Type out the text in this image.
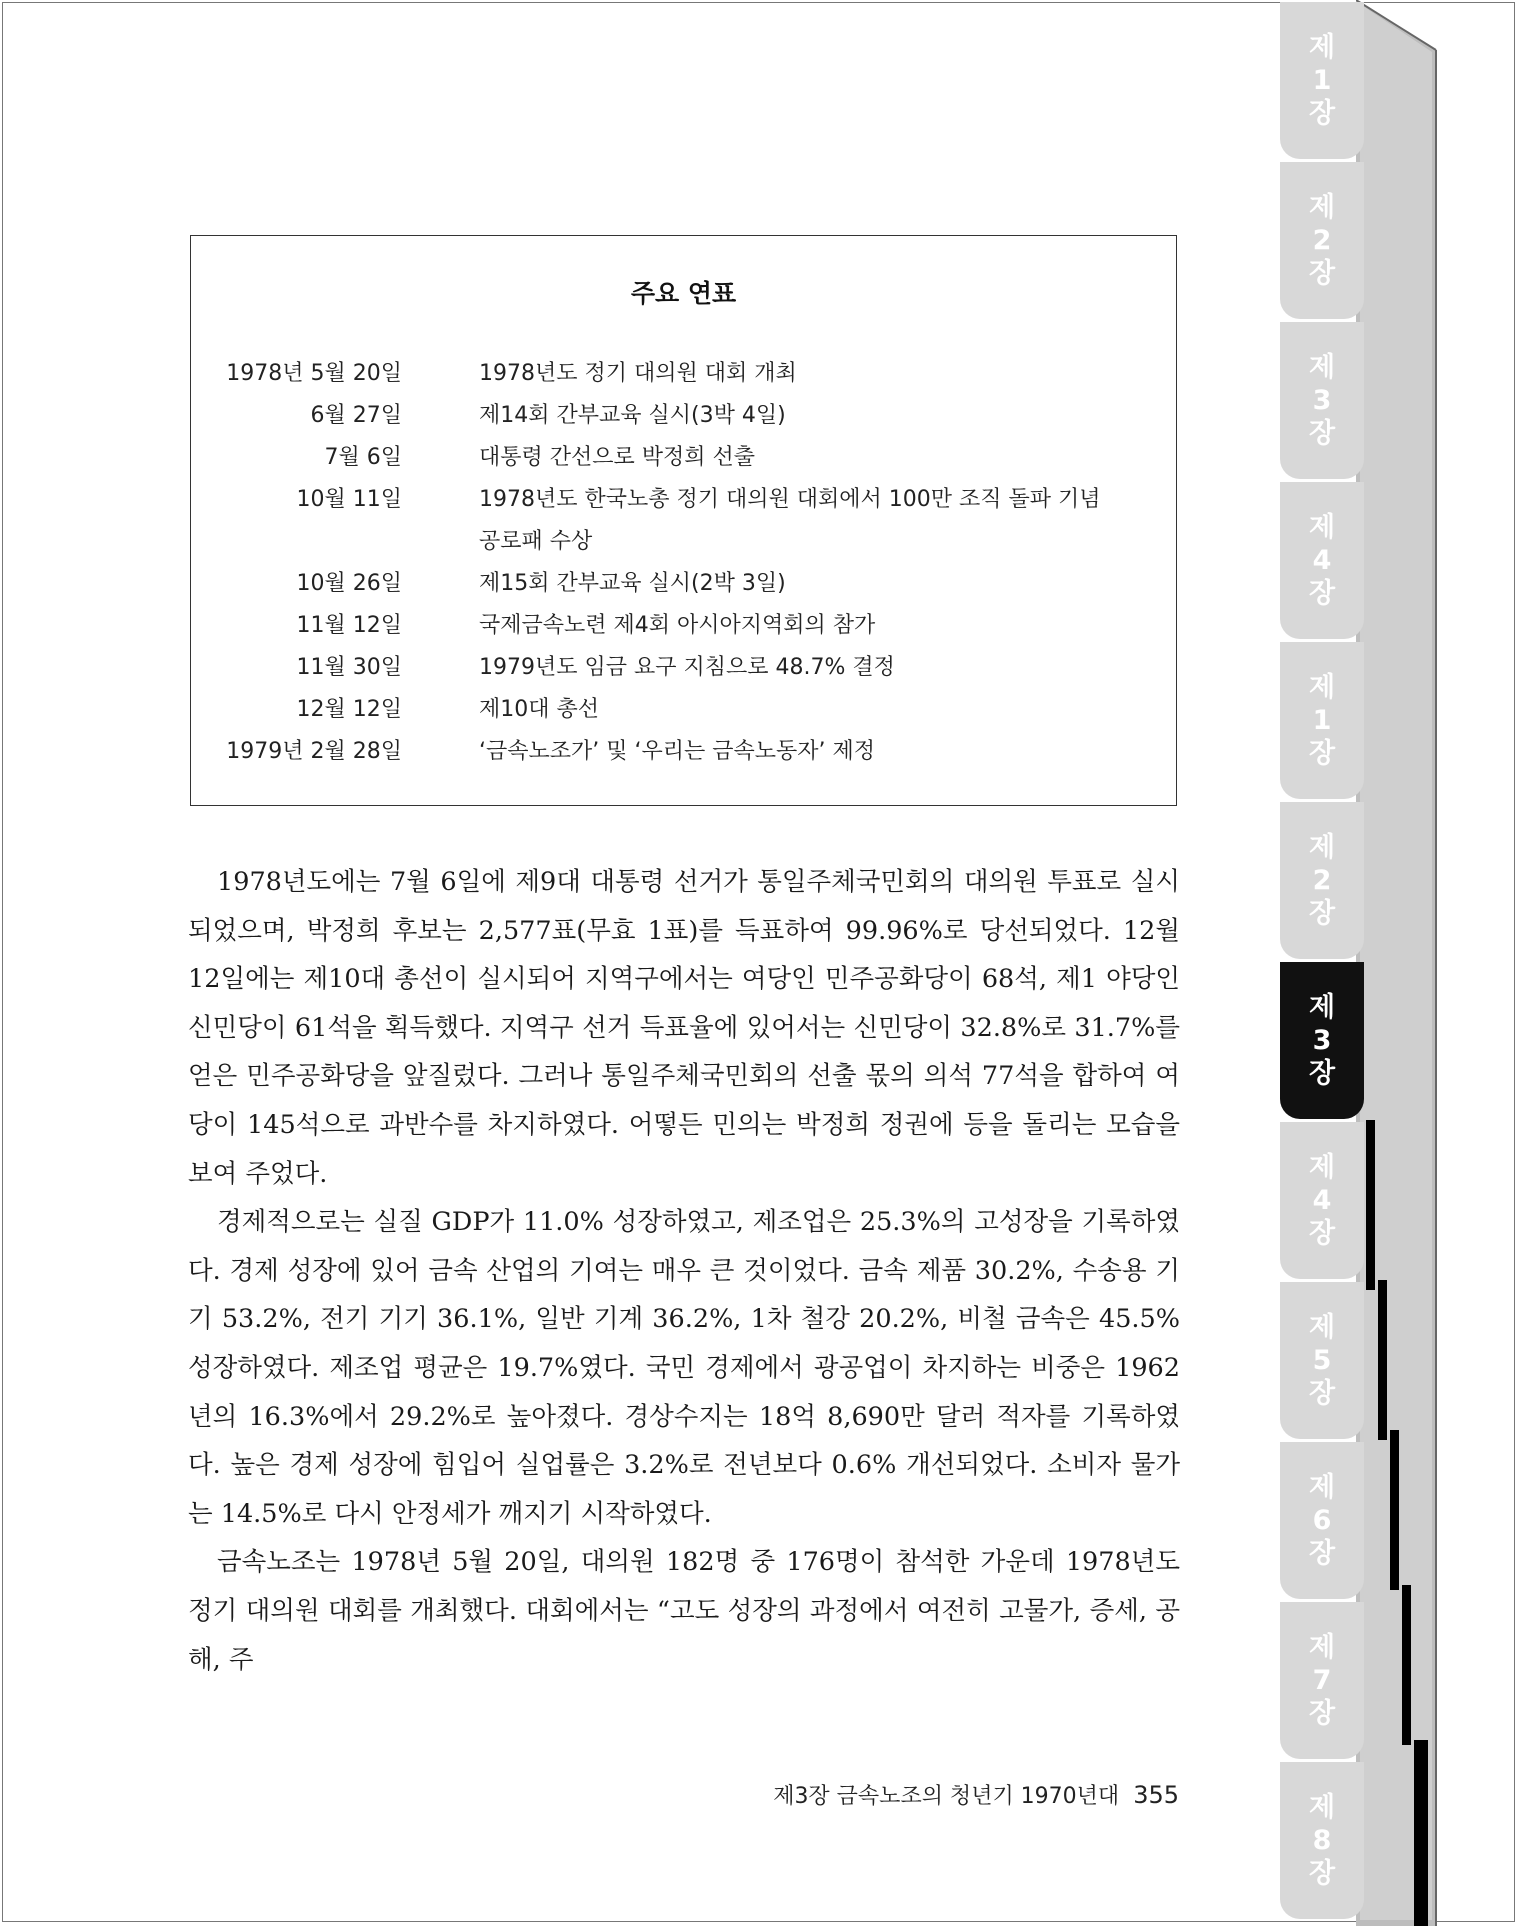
제
1
장
제
2
장
제
3
장
제
4
장
제
1
장
제
2
장
제
3
장
제
4
장
제
5
장
제
6
장
제
7
장
제
8
장
주요 연표
1978년 5월 20일	1978년도 정기 대의원 대회 개최
6월 27일	제14회 간부교육 실시(3박 4일)
7월 6일	대통령 간선으로 박정희 선출
10월 11일	1978년도 한국노총 정기 대의원 대회에서 100만 조직 돌파 기념
공로패 수상
10월 26일	제15회 간부교육 실시(2박 3일)
11월 12일	국제금속노련 제4회 아시아지역회의 참가
11월 30일	1979년도 임금 요구 지침으로 48.7% 결정
12월 12일	제10대 총선
1979년 2월 28일	‘금속노조가’ 및 ‘우리는 금속노동자’ 제정

1978년도에는 7월 6일에 제9대 대통령 선거가 통일주체국민회의 대의원 투표로 실시되었으며, 박정희 후보는 2,577표(무효 1표)를 득표하여 99.96%로 당선되었다. 12월 12일에는 제10대 총선이 실시되어 지역구에서는 여당인 민주공화당이 68석, 제1 야당인 신민당이 61석을 획득했다. 지역구 선거 득표율에 있어서는 신민당이 32.8%로 31.7%를 얻은 민주공화당을 앞질렀다. 그러나 통일주체국민회의 선출 몫의 의석 77석을 합하여 여당이 145석으로 과반수를 차지하였다. 어떻든 민의는 박정희 정권에 등을 돌리는 모습을 보여 주었다.

경제적으로는 실질 GDP가 11.0% 성장하였고, 제조업은 25.3%의 고성장을 기록하였다. 경제 성장에 있어 금속 산업의 기여는 매우 큰 것이었다. 금속 제품 30.2%, 수송용 기기 53.2%, 전기 기기 36.1%, 일반 기계 36.2%, 1차 철강 20.2%, 비철 금속은 45.5% 성장하였다. 제조업 평균은 19.7%였다. 국민 경제에서 광공업이 차지하는 비중은 1962년의 16.3%에서 29.2%로 높아졌다. 경상수지는 18억 8,690만 달러 적자를 기록하였다. 높은 경제 성장에 힘입어 실업률은 3.2%로 전년보다 0.6% 개선되었다. 소비자 물가는 14.5%로 다시 안정세가 깨지기 시작하였다.

금속노조는 1978년 5월 20일, 대의원 182명 중 176명이 참석한 가운데 1978년도 정기 대의원 대회를 개최했다. 대회에서는 “고도 성장의 과정에서 여전히 고물가, 증세, 공해, 주

제3장 금속노조의 청년기 1970년대 355
